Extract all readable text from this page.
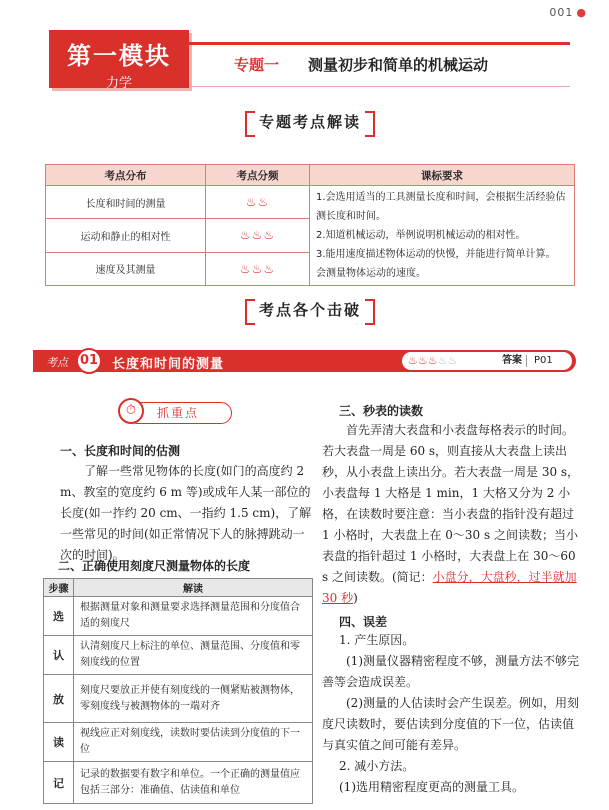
001 ●
第一模块
力学
专题一 测量初步和简单的机械运动
专题考点解读
考点分布	考点分频	课标要求
长度和时间的测量	♨♨	1.会选用适当的工具测量长度和时间，会根据生活经验估测长度和时间。
2.知道机械运动，举例说明机械运动的相对性。
3.能用速度描述物体运动的快慢，并能进行简单计算。 会测量物体运动的速度。

运动和静止的相对性	♨♨♨	
速度及其测量	♨♨♨	
考点各个击破
考点 01	长度和时间的测量	♨♨♨♨♨	答案 P01
抓重点
⏱
一、长度和时间的估测
了解一些常见物体的长度(如门的高度约 2 m、教室的宽度约 6 m 等)或成年人某一部位的长度(如一拃约 20 cm、一指约 1.5 cm)，了解一些常见的时间(如正常情况下人的脉搏跳动一次的时间)。
二、正确使用刻度尺测量物体的长度
步骤	解读
选	根据测量对象和测量要求选择测量范围和分度值合适的刻度尺
认	认清刻度尺上标注的单位、测量范围、分度值和零刻度线的位置
放	刻度尺要放正并使有刻度线的一侧紧贴被测物体，零刻度线与被测物体的一端对齐
读	视线应正对刻度线，读数时要估读到分度值的下一位
记	记录的数据要有数字和单位。一个正确的测量值应包括三部分：准确值、估读值和单位
三、秒表的读数
首先弄清大表盘和小表盘每格表示的时间。若大表盘一周是 60 s，则直接从大表盘上读出秒，从小表盘上读出分。若大表盘一周是 30 s，小表盘每 1 大格是 1 min，1 大格又分为 2 小格，在读数时要注意：当小表盘的指针没有超过 1 小格时，大表盘上在 0～30 s 之间读数；当小表盘的指针超过 1 小格时，大表盘上在 30～60 s 之间读数。(简记：小盘分，大盘秒，过半就加 30 秒)
四、误差
1. 产生原因。
(1)测量仪器精密程度不够，测量方法不够完善等会造成误差。
(2)测量的人估读时会产生误差。例如，用刻度尺读数时，要估读到分度值的下一位，估读值与真实值之间可能有差异。
2. 减小方法。
(1)选用精密程度更高的测量工具。
